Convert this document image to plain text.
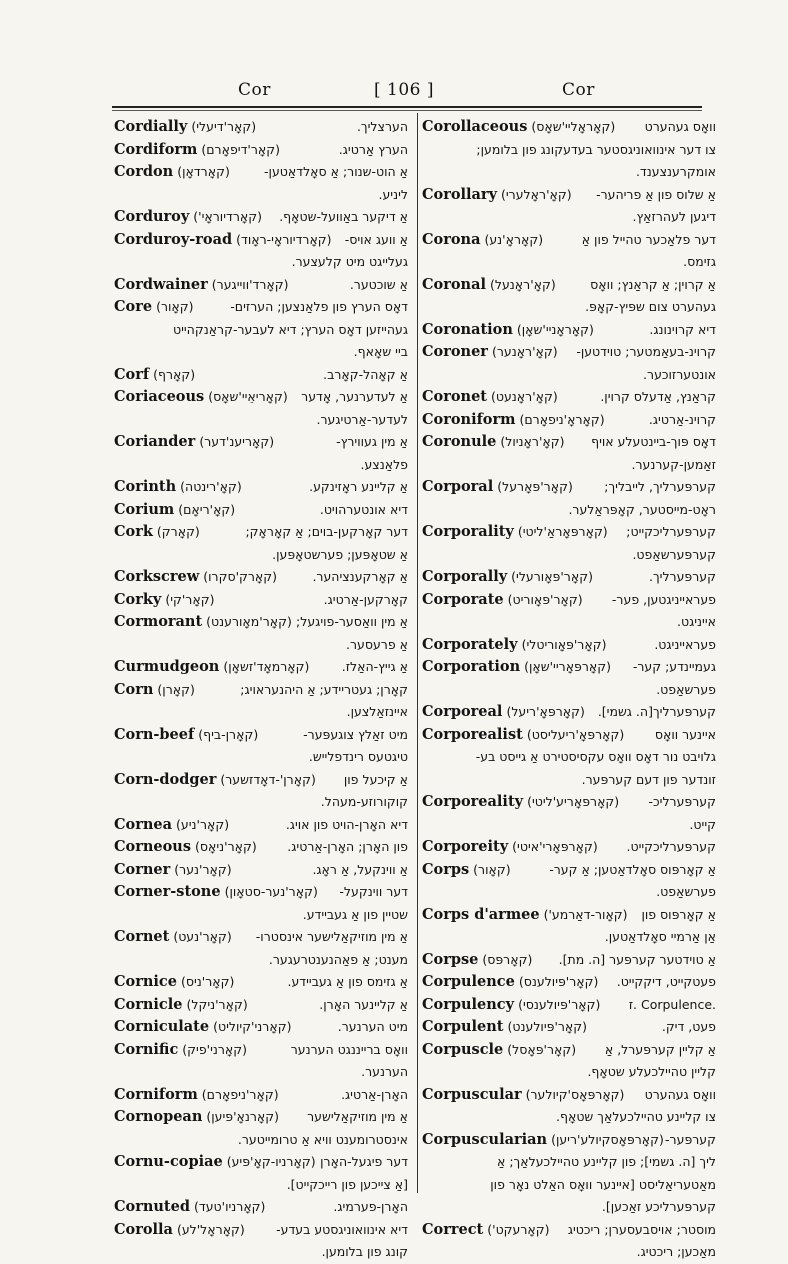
Cor	[ 106 ]	Cor
Cordially (קאָר'דיעלי)	הערצליך.
Cordiform (קאָר'דיפאָרם)	הערץ אַרטיג.
Cordon (קאָרדאָן)	אַ הוט-שנור; אַ סאָלדאַטען-
ליניע.
Corduroy (קאָרדיוראָי')	אַ דיקער באַוועל-שטאָף.
Corduroy-road (קאָרדיוראָי-ראָוד)	אַ וועג אויס-
געלייגט מיט קלעצער.
Cordwainer (קאָרד'ווייגער)	אַ שוכטער.
Core (קאָור)	דאָס הערץ פון פלאַנצען; הערזים-
געהייזען דאָס הערץ; דיא לעבער-קראַנקהייט
ביי שאָאף.
Corf (קאָרף)	אַ קאָהל-קאָרב.
Coriaceous (קאָריאֵיי'שאָס)	אַ לעדערנער, אָדער
לעדער-אַרטיגער.
Coriander (קאָריענ'דער)	אַ מין געווירץ-
פלאַנצע.
Corinth (קאָ'רינטה)	אַ קליינע ראָזינקע.
Corium (קאָ'ריאָם)	דיא אונטערהויט.
Cork (קאָרק)	דער קאָרקען-בוים; אַ קאָראָק;
אַ שטאָפּען; פערשטאָפּען.
Corkscrew (קאָרק'סקרו)	אַ קאָרקענציהער.
Corky (קאָר'קי)	קאָרקען-אַרטיג.
Cormorant (קאָר'מאָורענט) אַ מין וואַסער-פויגעל;
אַ פרעסער.
Curmudgeon (קאָרמאָד'זשאָן)	אַ גייץ-האַלז.
Corn (קאָרן)	קאָרן; געטריידע; אַ היהנעראויג;
איינזאַלצען.
Corn-beef (קאָרן-ביף)	מיט זאַלץ צוגעפּער-
טיגטעס רינדפלייש.
Corn-dodger (קאָרן'-דאָדזשער)	אַ קיכעל פון
קוקורוזע-מעהל.
Cornea (קאָר'ניע)	דיא האָרן-הויט פון אויג.
Corneous (קאָר'ניאָס)	פון האָרן; האָרן-אַרטיג.
Corner (קאָר'נער)	אַ ווינקעל, אַ ראָג.
Corner-stone (קאָר'נער-סטאָון)	דער ווינקעל-
שטיין פון אַ געביידע.
Cornet (קאָר'נעט)	אַ מין מוזיקאַלישער אינסטרו-
מענט; אַ פאַהנענטרעגער.
Cornice (קאָר'ניס)	אַ גזימס פון אַ געביידע.
Cornicle (קאָר'ניקל)	אַ קליינער האָרן.
Corniculate (קאָרני'קיוליט)	מיט הערנער.
Cornific (קאָרני'פיק)	וואָס ברייננגט הערנער
הערנער.
Corniform (קאָר'ניפאָרם)	האָרן-אַרטיג.
Cornopean (קאָרנאָ'פּיען)	אַ מין מוזיקאַלישער
אינסטרומענט וויא אַ טרומייטער.
Cornu-copiae (קאָרניו-קאָ'פּיע) דער פיגעל-האָרן
[אַ צייכען פון רייכקייט].
Cornuted (קאָרניו'טעד)	האָרן-פערמיג.
Corolla (קאָראָל'לע)	דיא אינוואוניגסטע בעדע-
קונג פון בלומען.
Corollaceous (קאָראָליי'שאָס)	וואָס געהערט
צו דער אינוואוניגסטער בעדעקונג פון בלומען;
אומקרענצענד.
Corollary (קאָ'ראָלערי)	אַ שלוס פון אַ פריהער-
דיגען לעהרזאַץ.
Corona (קאָראָ'נע)	דער פלאַכער טהייל פון אַ
גזימס.
Coronal (קאָ'ראָנעל)	אַ קרוין; אַ קראַנץ; וואָס
געהערט צום שפּיץ-קאָפּ.
Coronation (קאָראָניי'שאָן)	דיא קרוינונג.
Coroner (קאָ'ראָנער)	קרוינ-בעאַמטער; טוידטען-
אונטערזוכער.
Coronet (קאָ'ראָנעט)	קראַנץ, אַדעלס קרוין.
Coroniform (קאָראָ'ניפאָרם)	קרוינ-אַרטיג.
Coronule (קאָ'ראָניול)	דאָס פּוך-ביינטעלע אויף
זאַמען-קערנער.
Corporal (קאָר'פּאָרעל)	קערפּערליך, לייבליך;
ראָט-מייסטער, קאָפּראַלער.
Corporality (קאָרפּאָראַ'ליטי)	קערפּערליכקייט;
קערפּערשאַפט.
Corporally (קאָר'פּאָורעלי)	קערפּערליך.
Corporate (קאָר'פּאָוריט)	פעראייניגטען, פער-
אייניגט.
Corporately (קאָר'פּאָוריטלי)	פעראייניגט.
Corporation (קאָרפּאָריי'שאָן)	געמיינדע; קער-
פערשאַפט.
Corporeal (קאָרפּאָ'ריעל)	קערפּערליך[ה. גשמי].
Corporealist (קאָרפּאָ'ריעליסט)	איינער וואָס
גלויבט נור דאָס וואָס עקסיסטירט אַ גייסט בע-
זונדער פון דעם קערפּער.
Corporeality (קאָרפּאָריע'ליטי)	קערפּערליכ-
קייט.
Corporeity (קאָרפּאָרי'איטי)	קערפּערליכקייט.
Corps (קאָור)	אַ קאָרפּוס סאָלדאַטען; אַ קער-
פערשאַפט.
Corps d'armee (קאָור-דאַרמע')	אַ קאָרפּוס פון
אַן אַרמיי סאָלדאַטען.
Corpse (קאָרפּס)	אַ טוידטער קערפּער [ה. מת].
Corpulence (קאָר'פּיולענס)	פעטקייט, דיקקייט.
Corpulency (קאָר'פּיולענסי)	.Corpulence .ז
Corpulent (קאָר'פּיולענט)	פעט, דיק.
Corpuscle (קאָר'פּאָסל)	אַ קליין קערפּערל, אַ
קליין טהיילכעלע שטאָף.
Corpuscular (קאָרפּאָס'קיולער)	וואָס געהערט
צו קליינע טהיילכעלאַך שטאָף.
Corpuscularian (קאָרפּאָסקיולע'ריען) קערפּער-
ליך [ה. גשמי]; פון קליינע טהיילכעלאַך; אַ
מאַטעריאַליסט [איינער וואָס האַלט נאָר פון
קערפּערליכע זאַכען].
Correct (קאָרעקט')	מוסטר; אויסבעסערן; ריכטיג
מאַכען; ריכטיג.
